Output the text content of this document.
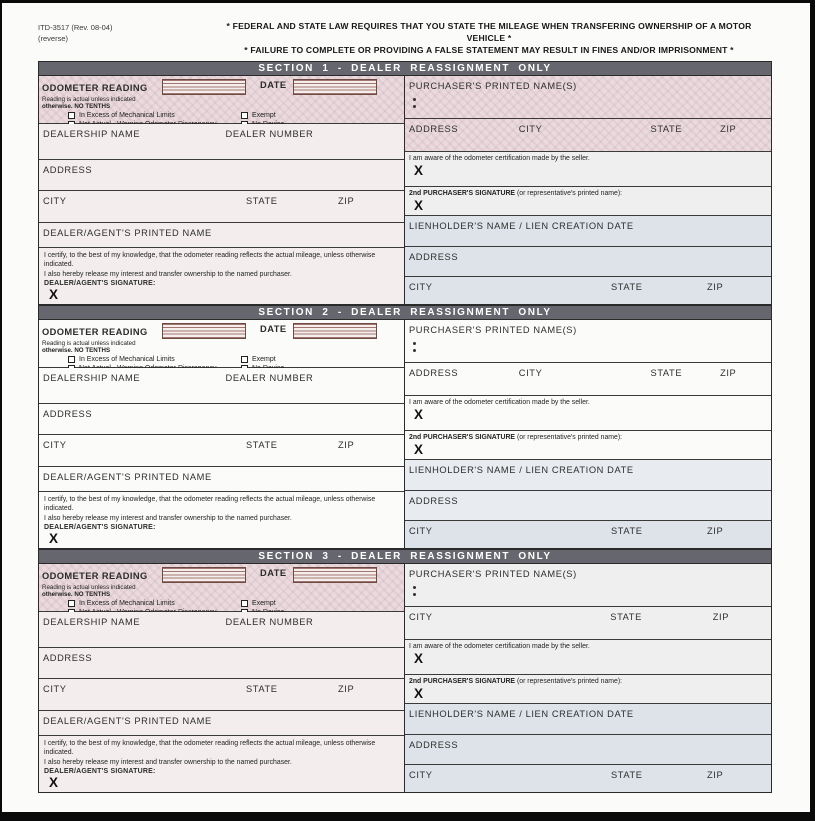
ITD-3517 (Rev. 08-04)
(reverse)
* FEDERAL AND STATE LAW REQUIRES THAT YOU STATE THE MILEAGE WHEN TRANSFERING OWNERSHIP OF A MOTOR VEHICLE *
* FAILURE TO COMPLETE OR PROVIDING A FALSE STATEMENT MAY RESULT IN FINES AND/OR IMPRISONMENT *
SECTION 1 - DEALER REASSIGNMENT ONLY
ODOMETER READING
Reading is actual unless indicated
otherwise. NO TENTHS
DATE
In Excess of Mechanical Limits	Exempt
DEALERSHIP NAME	DEALER NUMBER
ADDRESS
CITY	STATE	ZIP
DEALER/AGENT'S PRINTED NAME
I certify, to the best of my knowledge, that the odometer reading reflects the actual mileage, unless otherwise indicated.
I also hereby release my interest and transfer ownership to the named purchaser.
DEALER/AGENT'S SIGNATURE:
X
PURCHASER'S PRINTED NAME(S)
ADDRESS	CITY	STATE	ZIP
I am aware of the odometer certification made by the seller.
X
2nd PURCHASER'S SIGNATURE (or representative's printed name):
X
LIENHOLDER'S NAME / LIEN CREATION DATE
ADDRESS
CITY	STATE	ZIP
SECTION 2 - DEALER REASSIGNMENT ONLY
ODOMETER READING
Reading is actual unless indicated
otherwise. NO TENTHS
DATE
In Excess of Mechanical Limits	Exempt
DEALERSHIP NAME	DEALER NUMBER
ADDRESS
CITY	STATE	ZIP
DEALER/AGENT'S PRINTED NAME
I certify, to the best of my knowledge, that the odometer reading reflects the actual mileage, unless otherwise indicated.
I also hereby release my interest and transfer ownership to the named purchaser.
DEALER/AGENT'S SIGNATURE:
X
PURCHASER'S PRINTED NAME(S)
ADDRESS	CITY	STATE	ZIP
I am aware of the odometer certification made by the seller.
X
2nd PURCHASER'S SIGNATURE (or representative's printed name):
X
LIENHOLDER'S NAME / LIEN CREATION DATE
ADDRESS
CITY	STATE	ZIP
SECTION 3 - DEALER REASSIGNMENT ONLY
ODOMETER READING
Reading is actual unless indicated
otherwise. NO TENTHS
DATE
In Excess of Mechanical Limits	Exempt
DEALERSHIP NAME	DEALER NUMBER
ADDRESS
CITY	STATE	ZIP
DEALER/AGENT'S PRINTED NAME
I certify, to the best of my knowledge, that the odometer reading reflects the actual mileage, unless otherwise indicated.
I also hereby release my interest and transfer ownership to the named purchaser.
DEALER/AGENT'S SIGNATURE:
X
PURCHASER'S PRINTED NAME(S)
CITY	STATE	ZIP
I am aware of the odometer certification made by the seller.
X
2nd PURCHASER'S SIGNATURE (or representative's printed name):
X
LIENHOLDER'S NAME / LIEN CREATION DATE
ADDRESS
CITY	STATE	ZIP
